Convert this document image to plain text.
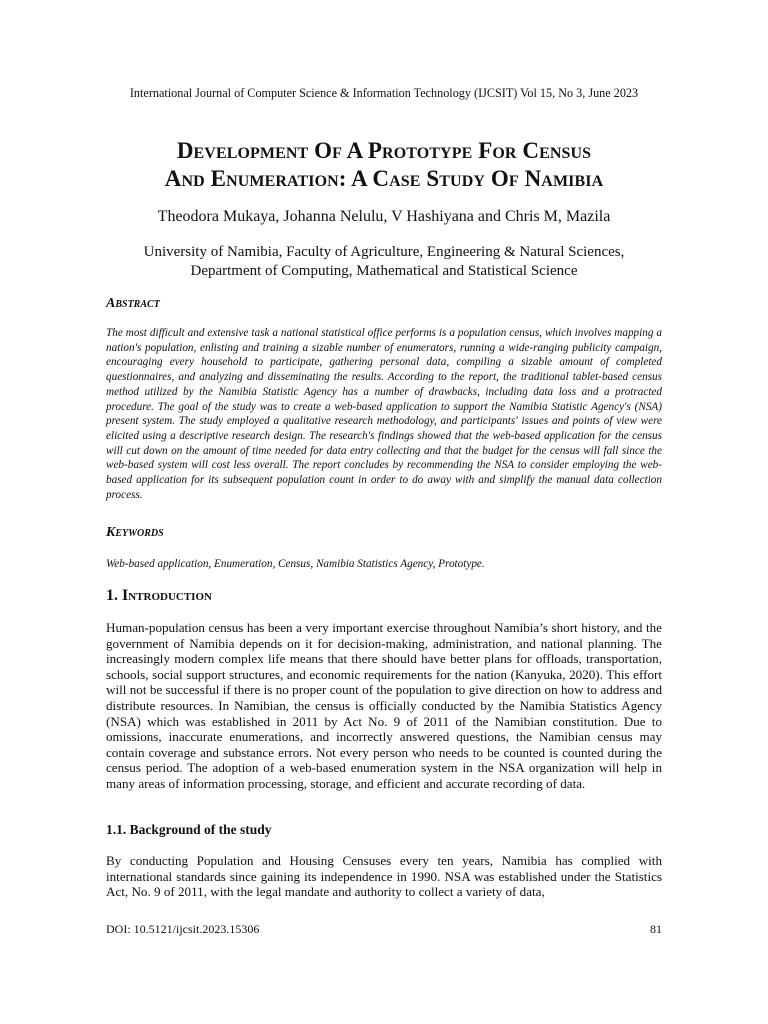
International Journal of Computer Science & Information Technology (IJCSIT) Vol 15, No 3, June 2023
Development Of A Prototype For Census
And Enumeration: A Case Study Of Namibia
Theodora Mukaya, Johanna Nelulu, V Hashiyana and Chris M, Mazila
University of Namibia, Faculty of Agriculture, Engineering & Natural Sciences,
Department of Computing, Mathematical and Statistical Science
Abstract
The most difficult and extensive task a national statistical office performs is a population census, which involves mapping a nation's population, enlisting and training a sizable number of enumerators, running a wide-ranging publicity campaign, encouraging every household to participate, gathering personal data, compiling a sizable amount of completed questionnaires, and analyzing and disseminating the results. According to the report, the traditional tablet-based census method utilized by the Namibia Statistic Agency has a number of drawbacks, including data loss and a protracted procedure. The goal of the study was to create a web-based application to support the Namibia Statistic Agency's (NSA) present system. The study employed a qualitative research methodology, and participants' issues and points of view were elicited using a descriptive research design. The research's findings showed that the web-based application for the census will cut down on the amount of time needed for data entry collecting and that the budget for the census will fall since the web-based system will cost less overall. The report concludes by recommending the NSA to consider employing the web-based application for its subsequent population count in order to do away with and simplify the manual data collection process.
Keywords
Web-based application, Enumeration, Census, Namibia Statistics Agency, Prototype.
1. Introduction
Human-population census has been a very important exercise throughout Namibia’s short history, and the government of Namibia depends on it for decision-making, administration, and national planning. The increasingly modern complex life means that there should have better plans for offloads, transportation, schools, social support structures, and economic requirements for the nation (Kanyuka, 2020). This effort will not be successful if there is no proper count of the population to give direction on how to address and distribute resources. In Namibian, the census is officially conducted by the Namibia Statistics Agency (NSA) which was established in 2011 by Act No. 9 of 2011 of the Namibian constitution. Due to omissions, inaccurate enumerations, and incorrectly answered questions, the Namibian census may contain coverage and substance errors. Not every person who needs to be counted is counted during the census period. The adoption of a web-based enumeration system in the NSA organization will help in many areas of information processing, storage, and efficient and accurate recording of data.
1.1. Background of the study
By conducting Population and Housing Censuses every ten years, Namibia has complied with international standards since gaining its independence in 1990. NSA was established under the Statistics Act, No. 9 of 2011, with the legal mandate and authority to collect a variety of data,
DOI: 10.5121/ijcsit.2023.15306	81
